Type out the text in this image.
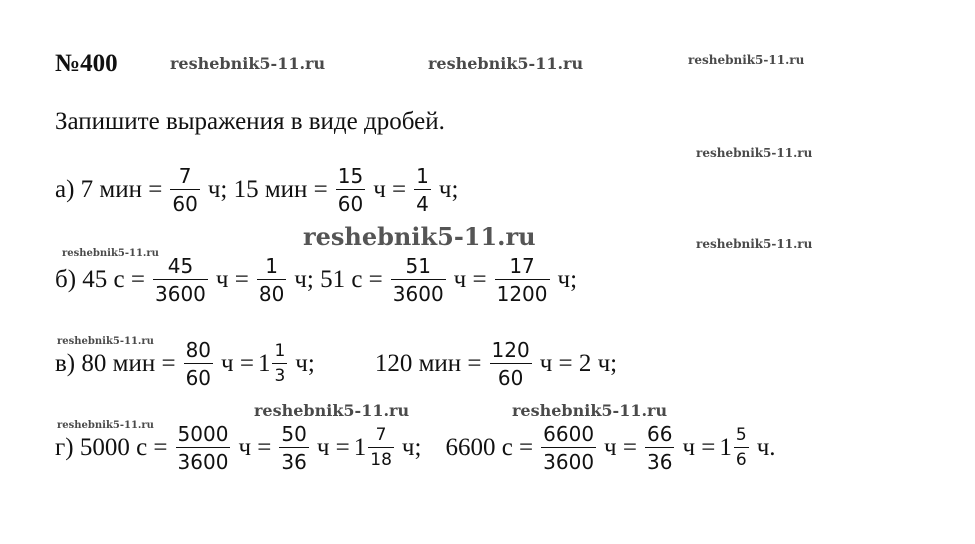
№400	reshebnik5-11.ru	reshebnik5-11.ru	reshebnik5-11.ru
Запишите выражения в виде дробей.
reshebnik5-11.ru
reshebnik5-11.ru	reshebnik5-11.ru
reshebnik5-11.ru
reshebnik5-11.ru
reshebnik5-11.ru
reshebnik5-11.ru	reshebnik5-11.ru
а) 7 мин = $\frac{7}{60} ч$; 15 мин = $\frac{15}{60}$ $ч = \frac{1}{4} ч$;
б) 45 $с = \frac{45}{3600}$ $ч = \frac{1}{80} ч$; 51 $с = \frac{51}{3600}$ $ч = \frac{17}{1200} ч$;
в) 80 мин = $\frac{80}{60}$ $ч = 1 \frac{1}{3} ч$; 120 мин = $\frac{120}{60}$ ч = 2 ч;
г) 5000 $с = \frac{5000}{3600}$ $ч = \frac{50}{36}$ $ч = 1 \frac{7}{18} ч$; 6600 $с = \frac{6600}{3600}$ $ч = \frac{66}{36}$ $ч = 1 \frac{5}{6} ч$.
